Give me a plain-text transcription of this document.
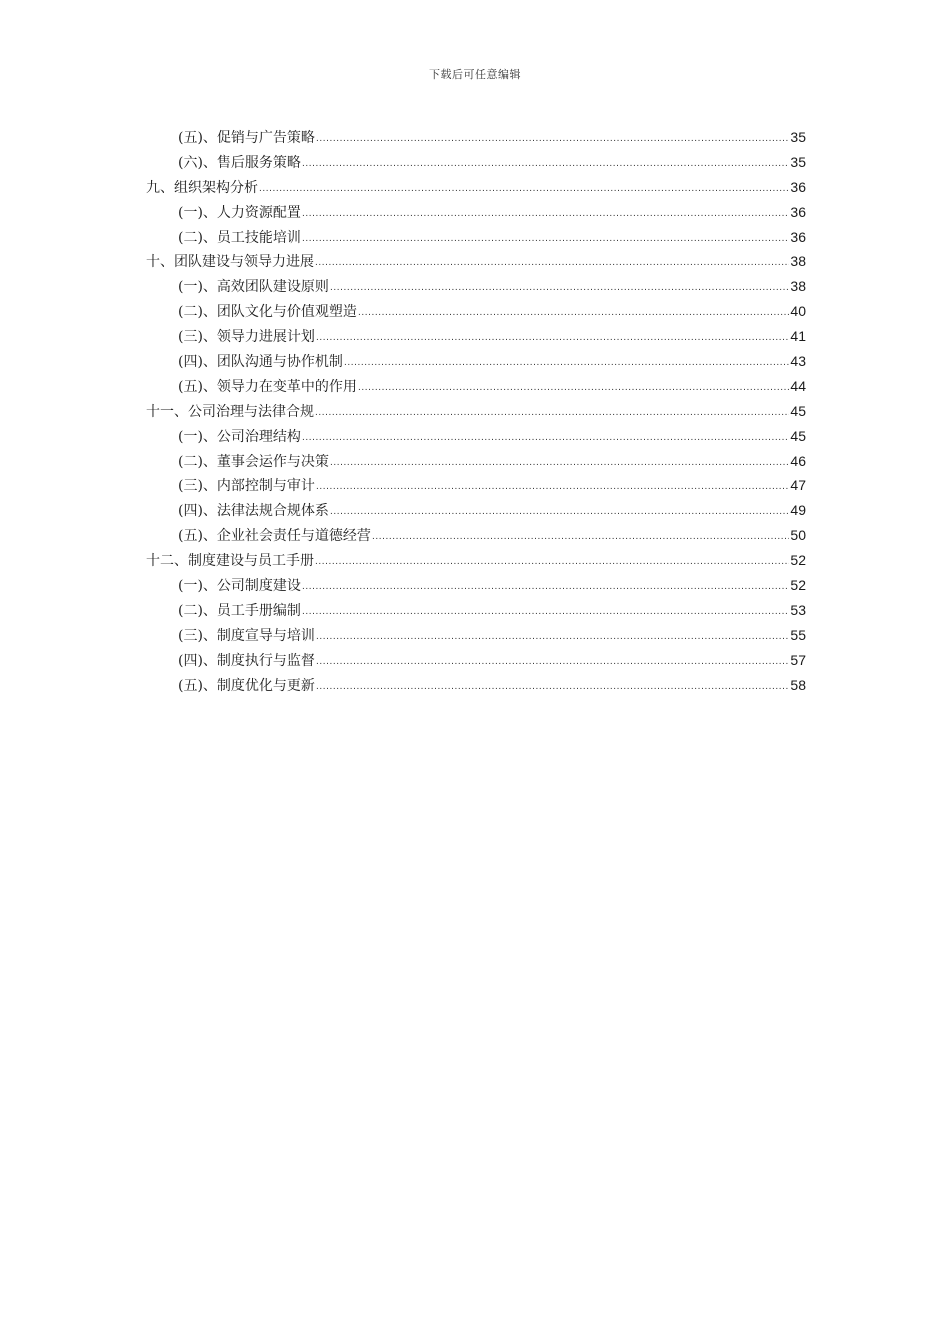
下载后可任意编辑
(五)、促销与广告策略 .....	35
(六)、售后服务策略 .....	35
九、组织架构分析 .....	36
(一)、人力资源配置 .....	36
(二)、员工技能培训 .....	36
十、团队建设与领导力进展 .....	38
(一)、高效团队建设原则 .....	38
(二)、团队文化与价值观塑造 .....	40
(三)、领导力进展计划 .....	41
(四)、团队沟通与协作机制 .....	43
(五)、领导力在变革中的作用 .....	44
十一、公司治理与法律合规 .....	45
(一)、公司治理结构 .....	45
(二)、董事会运作与决策 .....	46
(三)、内部控制与审计 .....	47
(四)、法律法规合规体系 .....	49
(五)、企业社会责任与道德经营 .....	50
十二、制度建设与员工手册 .....	52
(一)、公司制度建设 .....	52
(二)、员工手册编制 .....	53
(三)、制度宣导与培训 .....	55
(四)、制度执行与监督 .....	57
(五)、制度优化与更新 .....	58
